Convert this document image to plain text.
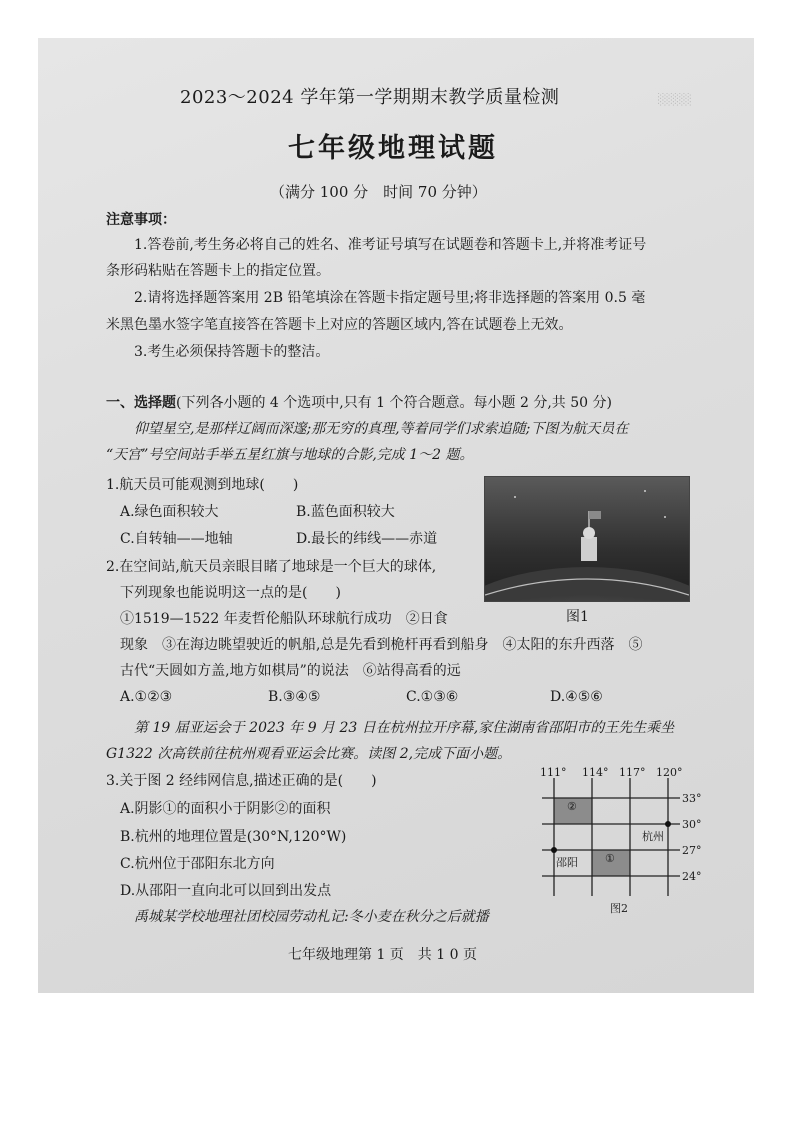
░░░░
2023～2024 学年第一学期期末教学质量检测
七年级地理试题
（满分 100 分　时间 70 分钟）
注意事项：
1.答卷前,考生务必将自己的姓名、准考证号填写在试题卷和答题卡上,并将准考证号
条形码粘贴在答题卡上的指定位置。
2.请将选择题答案用 2B 铅笔填涂在答题卡指定题号里;将非选择题的答案用 0.5 毫
米黑色墨水签字笔直接答在答题卡上对应的答题区域内,答在试题卷上无效。
3.考生必须保持答题卡的整洁。
一、选择题(下列各小题的 4 个选项中,只有 1 个符合题意。每小题 2 分,共 50 分)
仰望星空,是那样辽阔而深邃;那无穷的真理,等着同学们求索追随;下图为航天员在
“天宫”号空间站手举五星红旗与地球的合影,完成 1～2 题。
1.航天员可能观测到地球(　　)
A.绿色面积较大	B.蓝色面积较大
C.自转轴——地轴	D.最长的纬线——赤道
图1
2.在空间站,航天员亲眼目睹了地球是一个巨大的球体,
下列现象也能说明这一点的是(　　)
①1519—1522 年麦哲伦船队环球航行成功　②日食
现象　③在海边眺望驶近的帆船,总是先看到桅杆再看到船身　④太阳的东升西落　⑤
古代“天圆如方盖,地方如棋局”的说法　⑥站得高看的远
A.①②③	B.③④⑤	C.①③⑥	D.④⑤⑥
第 19 届亚运会于 2023 年 9 月 23 日在杭州拉开序幕,家住湖南省邵阳市的王先生乘坐
G1322 次高铁前往杭州观看亚运会比赛。读图 2,完成下面小题。
3.关于图 2 经纬网信息,描述正确的是(　　)
A.阴影①的面积小于阴影②的面积
B.杭州的地理位置是(30°N,120°W)
C.杭州位于邵阳东北方向
D.从邵阳一直向北可以回到出发点
111° 114° 117° 120°
33°
30°
27°
24°
②
①
杭州
邵阳
图2
禹城某学校地理社团校园劳动札记:冬小麦在秋分之后就播
七年级地理第 1 页　共 1 0 页
